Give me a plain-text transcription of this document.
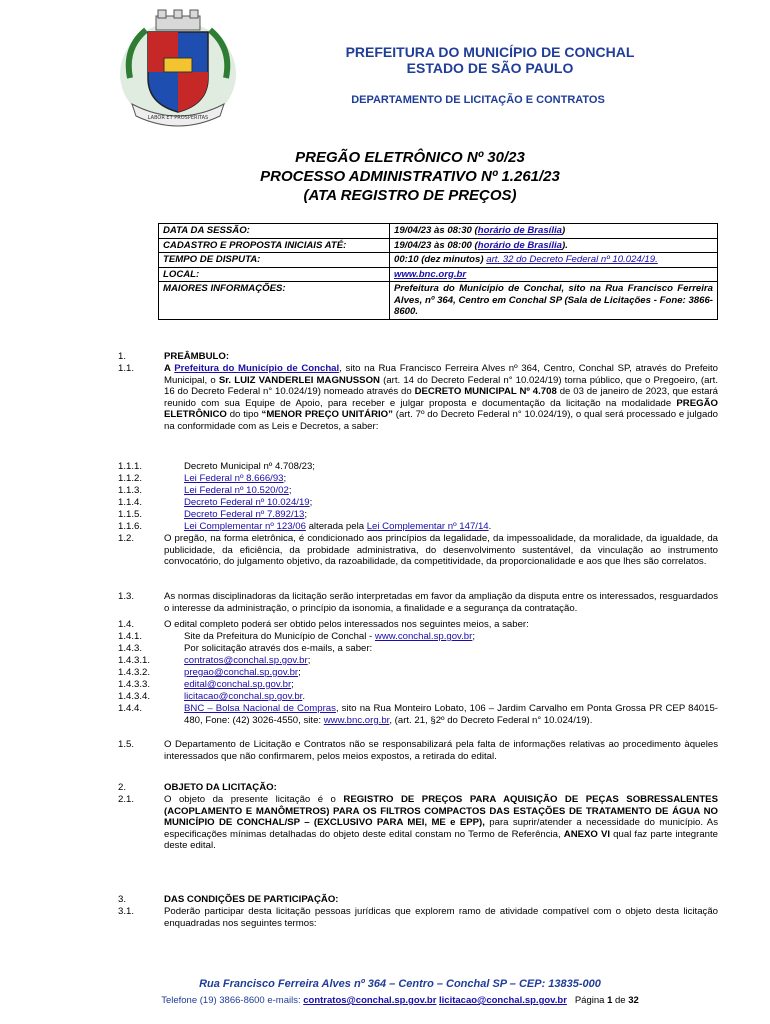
LABOR ET PROSPERITAS
PREFEITURA DO MUNICÍPIO DE CONCHAL
ESTADO DE SÃO PAULO
DEPARTAMENTO DE LICITAÇÃO E CONTRATOS
PREGÃO ELETRÔNICO Nº 30/23
PROCESSO ADMINISTRATIVO Nº 1.261/23
(ATA REGISTRO DE PREÇOS)
DATA DA SESSÃO:	19/04/23 às 08:30 (horário de Brasília)
CADASTRO E PROPOSTA INICIAIS ATÉ:	19/04/23 às 08:00 (horário de Brasília).
TEMPO DE DISPUTA:	00:10 (dez minutos) art. 32 do Decreto Federal nº 10.024/19.
LOCAL:	www.bnc.org.br
MAIORES INFORMAÇÕES:	Prefeitura do Município de Conchal, sito na Rua Francisco Ferreira Alves, nº 364, Centro em Conchal SP (Sala de Licitações - Fone: 3866-8600.
1.	PREÂMBULO:
1.1.	A Prefeitura do Município de Conchal, sito na Rua Francisco Ferreira Alves nº 364, Centro, Conchal SP, através do Prefeito Municipal, o Sr. LUIZ VANDERLEI MAGNUSSON (art. 14 do Decreto Federal n° 10.024/19) torna público, que o Pregoeiro, (art. 16 do Decreto Federal n° 10.024/19) nomeado através do DECRETO MUNICIPAL Nº 4.708 de 03 de janeiro de 2023, que estará reunido com sua Equipe de Apoio, para receber e julgar proposta e documentação da licitação na modalidade PREGÃO ELETRÔNICO do tipo “MENOR PREÇO UNITÁRIO” (art. 7º do Decreto Federal n° 10.024/19), o qual será processado e julgado na conformidade com as Leis e Decretos, a saber:
1.1.1.	Decreto Municipal nº 4.708/23;
1.1.2.	Lei Federal nº 8.666/93;
1.1.3.	Lei Federal nº 10.520/02;
1.1.4.	Decreto Federal nº 10.024/19;
1.1.5.	Decreto Federal nº 7.892/13;
1.1.6.	Lei Complementar nº 123/06 alterada pela Lei Complementar nº 147/14.
1.2.	O pregão, na forma eletrônica, é condicionado aos princípios da legalidade, da impessoalidade, da moralidade, da igualdade, da publicidade, da eficiência, da probidade administrativa, do desenvolvimento sustentável, da vinculação ao instrumento convocatório, do julgamento objetivo, da razoabilidade, da competitividade, da proporcionalidade e aos que lhes são correlatos.
1.3.	As normas disciplinadoras da licitação serão interpretadas em favor da ampliação da disputa entre os interessados, resguardados o interesse da administração, o princípio da isonomia, a finalidade e a segurança da contratação.
1.4.	O edital completo poderá ser obtido pelos interessados nos seguintes meios, a saber:
1.4.1.	Site da Prefeitura do Município de Conchal - www.conchal.sp.gov.br;
1.4.3.	Por solicitação através dos e-mails, a saber:
1.4.3.1.	contratos@conchal.sp.gov.br;
1.4.3.2.	pregao@conchal.sp.gov.br;
1.4.3.3.	edital@conchal.sp.gov.br;
1.4.3.4.	licitacao@conchal.sp.gov.br.
1.4.4.	BNC – Bolsa Nacional de Compras, sito na Rua Monteiro Lobato, 106 – Jardim Carvalho em Ponta Grossa PR CEP 84015-480, Fone: (42) 3026-4550, site: www.bnc.org.br, (art. 21, §2º do Decreto Federal n° 10.024/19).
1.5.	O Departamento de Licitação e Contratos não se responsabilizará pela falta de informações relativas ao procedimento àqueles interessados que não confirmarem, pelos meios expostos, a retirada do edital.
2.	OBJETO DA LICITAÇÃO:
2.1.	O objeto da presente licitação é o REGISTRO DE PREÇOS PARA AQUISIÇÃO DE PEÇAS SOBRESSALENTES (ACOPLAMENTO E MANÔMETROS) PARA OS FILTROS COMPACTOS DAS ESTAÇÕES DE TRATAMENTO DE ÁGUA NO MUNICÍPIO DE CONCHAL/SP – (EXCLUSIVO PARA MEI, ME e EPP), para suprir/atender a necessidade do município. As especificações mínimas detalhadas do objeto deste edital constam no Termo de Referência, ANEXO VI qual faz parte integrante deste edital.
3.	DAS CONDIÇÕES DE PARTICIPAÇÃO:
3.1.	Poderão participar desta licitação pessoas jurídicas que explorem ramo de atividade compatível com o objeto desta licitação enquadradas nos seguintes termos:
Rua Francisco Ferreira Alves nº 364 – Centro – Conchal SP – CEP: 13835-000
Telefone (19) 3866-8600 e-mails: contratos@conchal.sp.gov.br licitacao@conchal.sp.gov.br Página 1 de 32
